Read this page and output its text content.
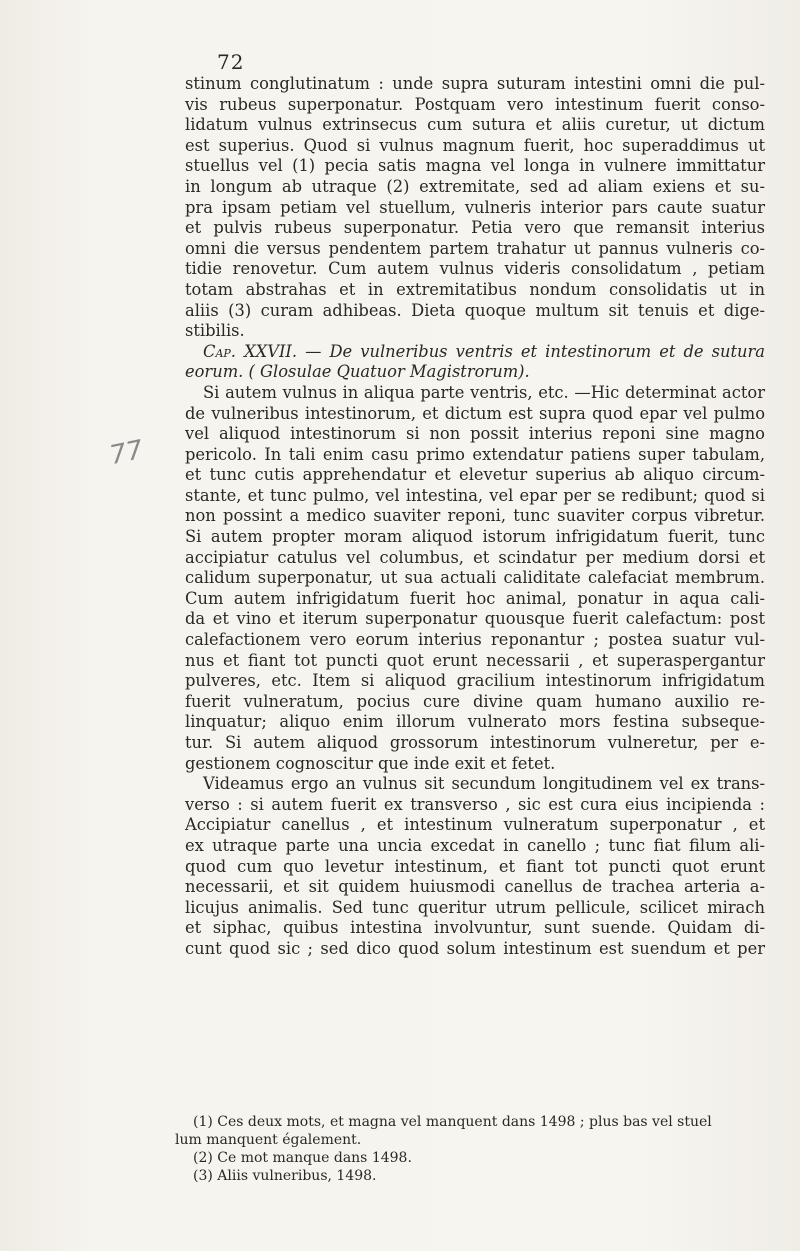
72
77
stinum conglutinatum : unde supra suturam intestini omni die pul-
vis rubeus superponatur. Postquam vero intestinum fuerit conso-
lidatum vulnus extrinsecus cum sutura et aliis curetur, ut dictum
est superius. Quod si vulnus magnum fuerit, hoc superaddimus ut
stuellus vel (1) pecia satis magna vel longa in vulnere immittatur
in longum ab utraque (2) extremitate, sed ad aliam exiens et su-
pra ipsam petiam vel stuellum, vulneris interior pars caute suatur
et pulvis rubeus superponatur. Petia vero que remansit interius
omni die versus pendentem partem trahatur ut pannus vulneris co-
tidie renovetur. Cum autem vulnus videris consolidatum , petiam
totam abstrahas et in extremitatibus nondum consolidatis ut in
aliis (3) curam adhibeas. Dieta quoque multum sit tenuis et dige-
stibilis.
Cap. XXVII. — De vulneribus ventris et intestinorum et de sutura
eorum. ( Glosulae Quatuor Magistrorum).
Si autem vulnus in aliqua parte ventris, etc. —Hic determinat actor
de vulneribus intestinorum, et dictum est supra quod epar vel pulmo
vel aliquod intestinorum si non possit interius reponi sine magno
pericolo. In tali enim casu primo extendatur patiens super tabulam,
et tunc cutis apprehendatur et elevetur superius ab aliquo circum-
stante, et tunc pulmo, vel intestina, vel epar per se redibunt; quod si
non possint a medico suaviter reponi, tunc suaviter corpus vibretur.
Si autem propter moram aliquod istorum infrigidatum fuerit, tunc
accipiatur catulus vel columbus, et scindatur per medium dorsi et
calidum superponatur, ut sua actuali caliditate calefaciat membrum.
Cum autem infrigidatum fuerit hoc animal, ponatur in aqua cali-
da et vino et iterum superponatur quousque fuerit calefactum: post
calefactionem vero eorum interius reponantur ; postea suatur vul-
nus et fiant tot puncti quot erunt necessarii , et superaspergantur
pulveres, etc. Item si aliquod gracilium intestinorum infrigidatum
fuerit vulneratum, pocius cure divine quam humano auxilio re-
linquatur; aliquo enim illorum vulnerato mors festina subseque-
tur. Si autem aliquod grossorum intestinorum vulneretur, per e-
gestionem cognoscitur que inde exit et fetet.
Videamus ergo an vulnus sit secundum longitudinem vel ex trans-
verso : si autem fuerit ex transverso , sic est cura eius incipienda :
Accipiatur canellus , et intestinum vulneratum superponatur , et
ex utraque parte una uncia excedat in canello ; tunc fiat filum ali-
quod cum quo levetur intestinum, et fiant tot puncti quot erunt
necessarii, et sit quidem huiusmodi canellus de trachea arteria a-
licujus animalis. Sed tunc queritur utrum pellicule, scilicet mirach
et siphac, quibus intestina involvuntur, sunt suende. Quidam di-
cunt quod sic ; sed dico quod solum intestinum est suendum et per
(1) Ces deux mots, et magna vel manquent dans 1498 ; plus bas vel stuel
lum manquent également.
(2) Ce mot manque dans 1498.
(3) Aliis vulneribus, 1498.
